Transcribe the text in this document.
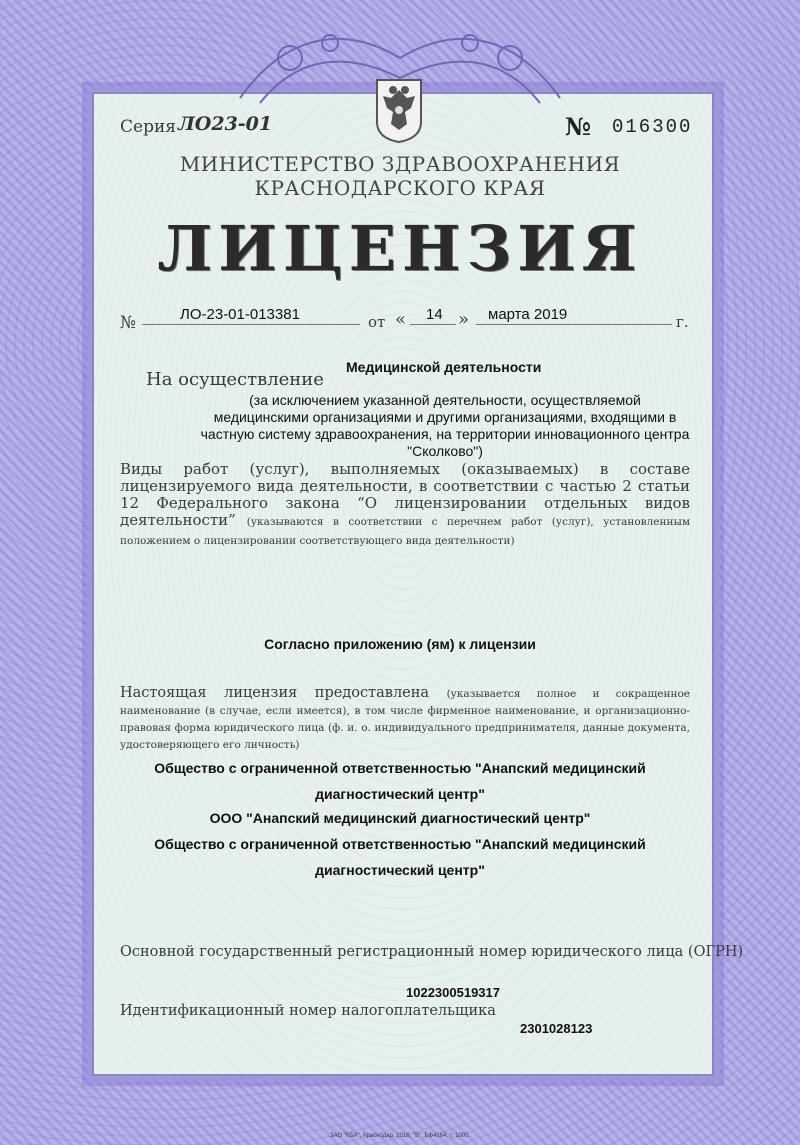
Серия ЛО23-01	№ 016300
МИНИСТЕРСТВО ЗДРАВООХРАНЕНИЯ
КРАСНОДАРСКОГО КРАЯ
ЛИЦЕНЗИЯ
№	ЛО-23-01-013381	от « 14 » марта 2019	г.
Медицинской деятельности
На осуществление
(за исключением указанной деятельности, осуществляемой медицинскими организациями и другими организациями, входящими в частную систему здравоохранения, на территории инновационного центра "Сколково")
Виды работ (услуг), выполняемых (оказываемых) в составе лицензируемого вида деятельности, в соответствии с частью 2 статьи 12 Федерального закона “О лицензировании отдельных видов деятельности” (указываются в соответствии с перечнем работ (услуг), установленным положением о лицензировании соответствующего вида деятельности)
Согласно приложению (ям) к лицензии
Настоящая лицензия предоставлена (указывается полное и сокращенное наименование (в случае, если имеется), в том числе фирменное наименование, и организационно-правовая форма юридического лица (ф. и. о. индивидуального предпринимателя, данные документа, удостоверяющего его личность)
Общество с ограниченной ответственностью "Анапский медицинский
диагностический центр"
ООО "Анапский медицинский диагностический центр"
Общество с ограниченной ответственностью "Анапский медицинский
диагностический центр"
Основной государственный регистрационный номер юридического лица (ОГРН)
1022300519317
Идентификационный номер налогоплательщика
2301028123
ЗАО "КБИ", Краснодар, 2016, "В", БФ4164, т. 1000.
